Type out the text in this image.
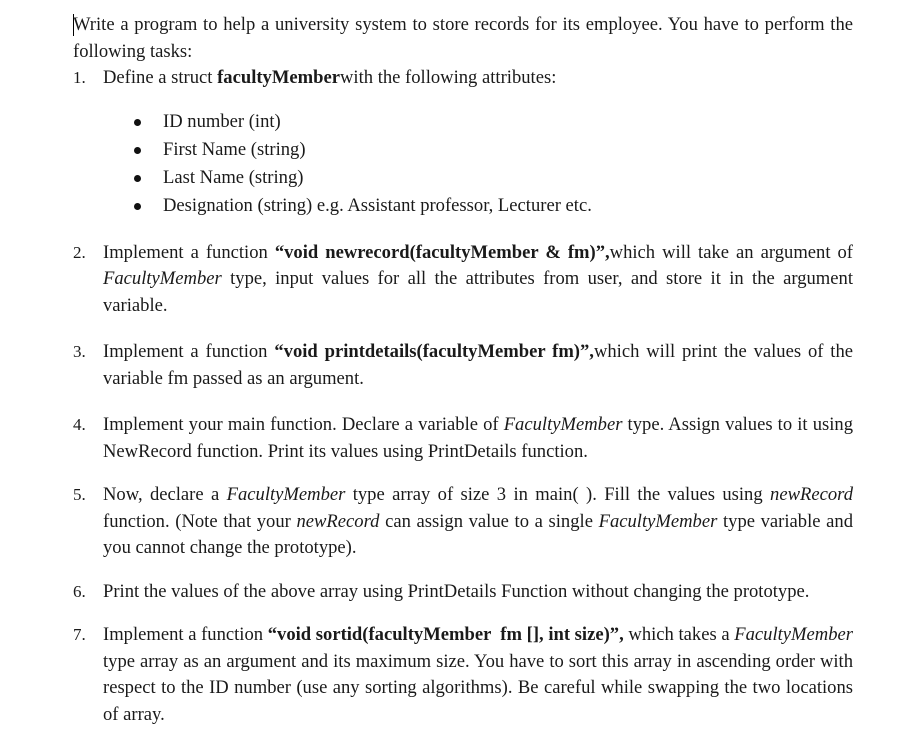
Write a program to help a university system to store records for its employee. You have to perform the following tasks:

1. Define a struct facultyMemberwith the following attributes:
ID number (int)
First Name (string)
Last Name (string)
Designation (string) e.g. Assistant professor, Lecturer etc.
2. Implement a function “void newrecord(facultyMember & fm)”,which will take an argument of FacultyMember type, input values for all the attributes from user, and store it in the argument variable.
3. Implement a function “void printdetails(facultyMember fm)”,which will print the values of the variable fm passed as an argument.
4. Implement your main function. Declare a variable of FacultyMember type. Assign values to it using NewRecord function. Print its values using PrintDetails function.
5. Now, declare a FacultyMember type array of size 3 in main( ). Fill the values using newRecord function. (Note that your newRecord can assign value to a single FacultyMember type variable and you cannot change the prototype).
6. Print the values of the above array using PrintDetails Function without changing the prototype.
7. Implement a function “void sortid(facultyMember  fm [], int size)”, which takes a FacultyMember type array as an argument and its maximum size. You have to sort this array in ascending order with respect to the ID number (use any sorting algorithms). Be careful while swapping the two locations of array.
